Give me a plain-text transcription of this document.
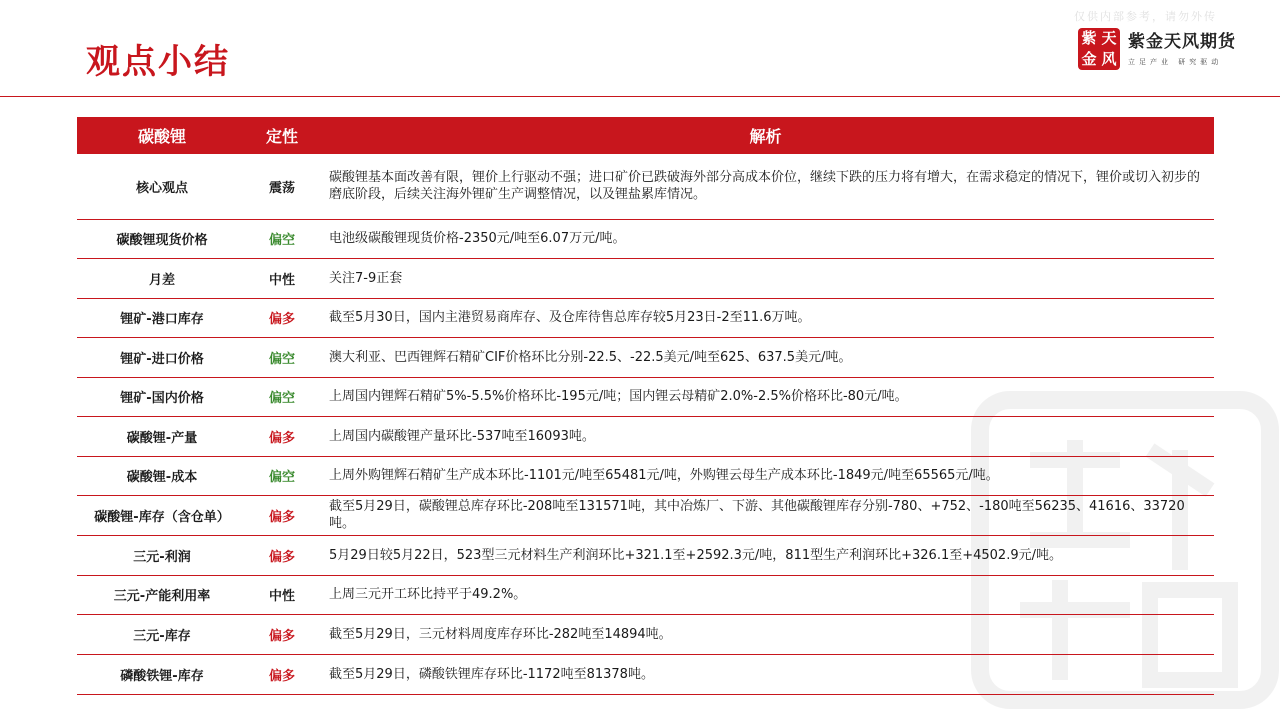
仅供内部参考，请勿外传
观点小结
紫 天
金 风
紫金天风期货
立足产业 研究驱动
碳酸锂	定性	解析
核心观点	震荡	碳酸锂基本面改善有限，锂价上行驱动不强；进口矿价已跌破海外部分高成本价位，继续下跌的压力将有增大，在需求稳定的情况下，锂价或切入初步的磨底阶段，后续关注海外锂矿生产调整情况，以及锂盐累库情况。
碳酸锂现货价格	偏空	电池级碳酸锂现货价格-2350元/吨至6.07万元/吨。
月差	中性	关注7-9正套
锂矿-港口库存	偏多	截至5月30日，国内主港贸易商库存、及仓库待售总库存较5月23日-2至11.6万吨。
锂矿-进口价格	偏空	澳大利亚、巴西锂辉石精矿CIF价格环比分别-22.5、-22.5美元/吨至625、637.5美元/吨。
锂矿-国内价格	偏空	上周国内锂辉石精矿5%-5.5%价格环比-195元/吨；国内锂云母精矿2.0%-2.5%价格环比-80元/吨。
碳酸锂-产量	偏多	上周国内碳酸锂产量环比-537吨至16093吨。
碳酸锂-成本	偏空	上周外购锂辉石精矿生产成本环比-1101元/吨至65481元/吨，外购锂云母生产成本环比-1849元/吨至65565元/吨。
碳酸锂-库存（含仓单）	偏多	截至5月29日，碳酸锂总库存环比-208吨至131571吨，其中冶炼厂、下游、其他碳酸锂库存分别-780、+752、-180吨至56235、41616、33720吨。
三元-利润	偏多	5月29日较5月22日，523型三元材料生产利润环比+321.1至+2592.3元/吨，811型生产利润环比+326.1至+4502.9元/吨。
三元-产能利用率	中性	上周三元开工环比持平于49.2%。
三元-库存	偏多	截至5月29日，三元材料周度库存环比-282吨至14894吨。
磷酸铁锂-库存	偏多	截至5月29日，磷酸铁锂库存环比-1172吨至81378吨。
